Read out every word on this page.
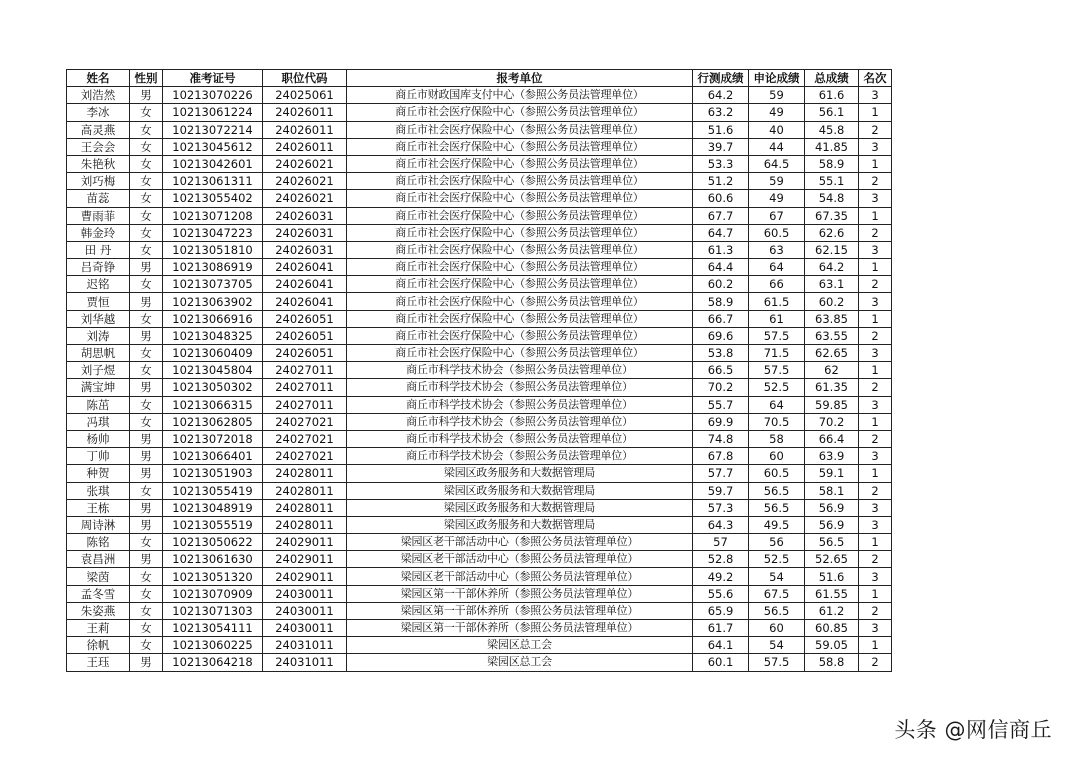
姓名	性别	准考证号	职位代码	报考单位	行测成绩	申论成绩	总成绩	名次
刘浩然	男	10213070226	24025061	商丘市财政国库支付中心（参照公务员法管理单位）	64.2	59	61.6	3
李冰	女	10213061224	24026011	商丘市社会医疗保险中心（参照公务员法管理单位）	63.2	49	56.1	1
高灵燕	女	10213072214	24026011	商丘市社会医疗保险中心（参照公务员法管理单位）	51.6	40	45.8	2
王会会	女	10213045612	24026011	商丘市社会医疗保险中心（参照公务员法管理单位）	39.7	44	41.85	3
朱艳秋	女	10213042601	24026021	商丘市社会医疗保险中心（参照公务员法管理单位）	53.3	64.5	58.9	1
刘巧梅	女	10213061311	24026021	商丘市社会医疗保险中心（参照公务员法管理单位）	51.2	59	55.1	2
苗蕊	女	10213055402	24026021	商丘市社会医疗保险中心（参照公务员法管理单位）	60.6	49	54.8	3
曹雨菲	女	10213071208	24026031	商丘市社会医疗保险中心（参照公务员法管理单位）	67.7	67	67.35	1
韩金玲	女	10213047223	24026031	商丘市社会医疗保险中心（参照公务员法管理单位）	64.7	60.5	62.6	2
田 丹	女	10213051810	24026031	商丘市社会医疗保险中心（参照公务员法管理单位）	61.3	63	62.15	3
吕奇铮	男	10213086919	24026041	商丘市社会医疗保险中心（参照公务员法管理单位）	64.4	64	64.2	1
迟铭	女	10213073705	24026041	商丘市社会医疗保险中心（参照公务员法管理单位）	60.2	66	63.1	2
贾恒	男	10213063902	24026041	商丘市社会医疗保险中心（参照公务员法管理单位）	58.9	61.5	60.2	3
刘华越	女	10213066916	24026051	商丘市社会医疗保险中心（参照公务员法管理单位）	66.7	61	63.85	1
刘涛	男	10213048325	24026051	商丘市社会医疗保险中心（参照公务员法管理单位）	69.6	57.5	63.55	2
胡思帆	女	10213060409	24026051	商丘市社会医疗保险中心（参照公务员法管理单位）	53.8	71.5	62.65	3
刘子煜	女	10213045804	24027011	商丘市科学技术协会（参照公务员法管理单位）	66.5	57.5	62	1
满宝坤	男	10213050302	24027011	商丘市科学技术协会（参照公务员法管理单位）	70.2	52.5	61.35	2
陈茁	女	10213066315	24027011	商丘市科学技术协会（参照公务员法管理单位）	55.7	64	59.85	3
冯琪	女	10213062805	24027021	商丘市科学技术协会（参照公务员法管理单位）	69.9	70.5	70.2	1
杨帅	男	10213072018	24027021	商丘市科学技术协会（参照公务员法管理单位）	74.8	58	66.4	2
丁帅	男	10213066401	24027021	商丘市科学技术协会（参照公务员法管理单位）	67.8	60	63.9	3
种贺	男	10213051903	24028011	梁园区政务服务和大数据管理局	57.7	60.5	59.1	1
张琪	女	10213055419	24028011	梁园区政务服务和大数据管理局	59.7	56.5	58.1	2
王栋	男	10213048919	24028011	梁园区政务服务和大数据管理局	57.3	56.5	56.9	3
周诗淋	男	10213055519	24028011	梁园区政务服务和大数据管理局	64.3	49.5	56.9	3
陈铭	女	10213050622	24029011	梁园区老干部活动中心（参照公务员法管理单位）	57	56	56.5	1
袁昌洲	男	10213061630	24029011	梁园区老干部活动中心（参照公务员法管理单位）	52.8	52.5	52.65	2
梁茵	女	10213051320	24029011	梁园区老干部活动中心（参照公务员法管理单位）	49.2	54	51.6	3
孟冬雪	女	10213070909	24030011	梁园区第一干部休养所（参照公务员法管理单位）	55.6	67.5	61.55	1
朱姿燕	女	10213071303	24030011	梁园区第一干部休养所（参照公务员法管理单位）	65.9	56.5	61.2	2
王莉	女	10213054111	24030011	梁园区第一干部休养所（参照公务员法管理单位）	61.7	60	60.85	3
徐帆	女	10213060225	24031011	梁园区总工会	64.1	54	59.05	1
王珏	男	10213064218	24031011	梁园区总工会	60.1	57.5	58.8	2
头条 @网信商丘
